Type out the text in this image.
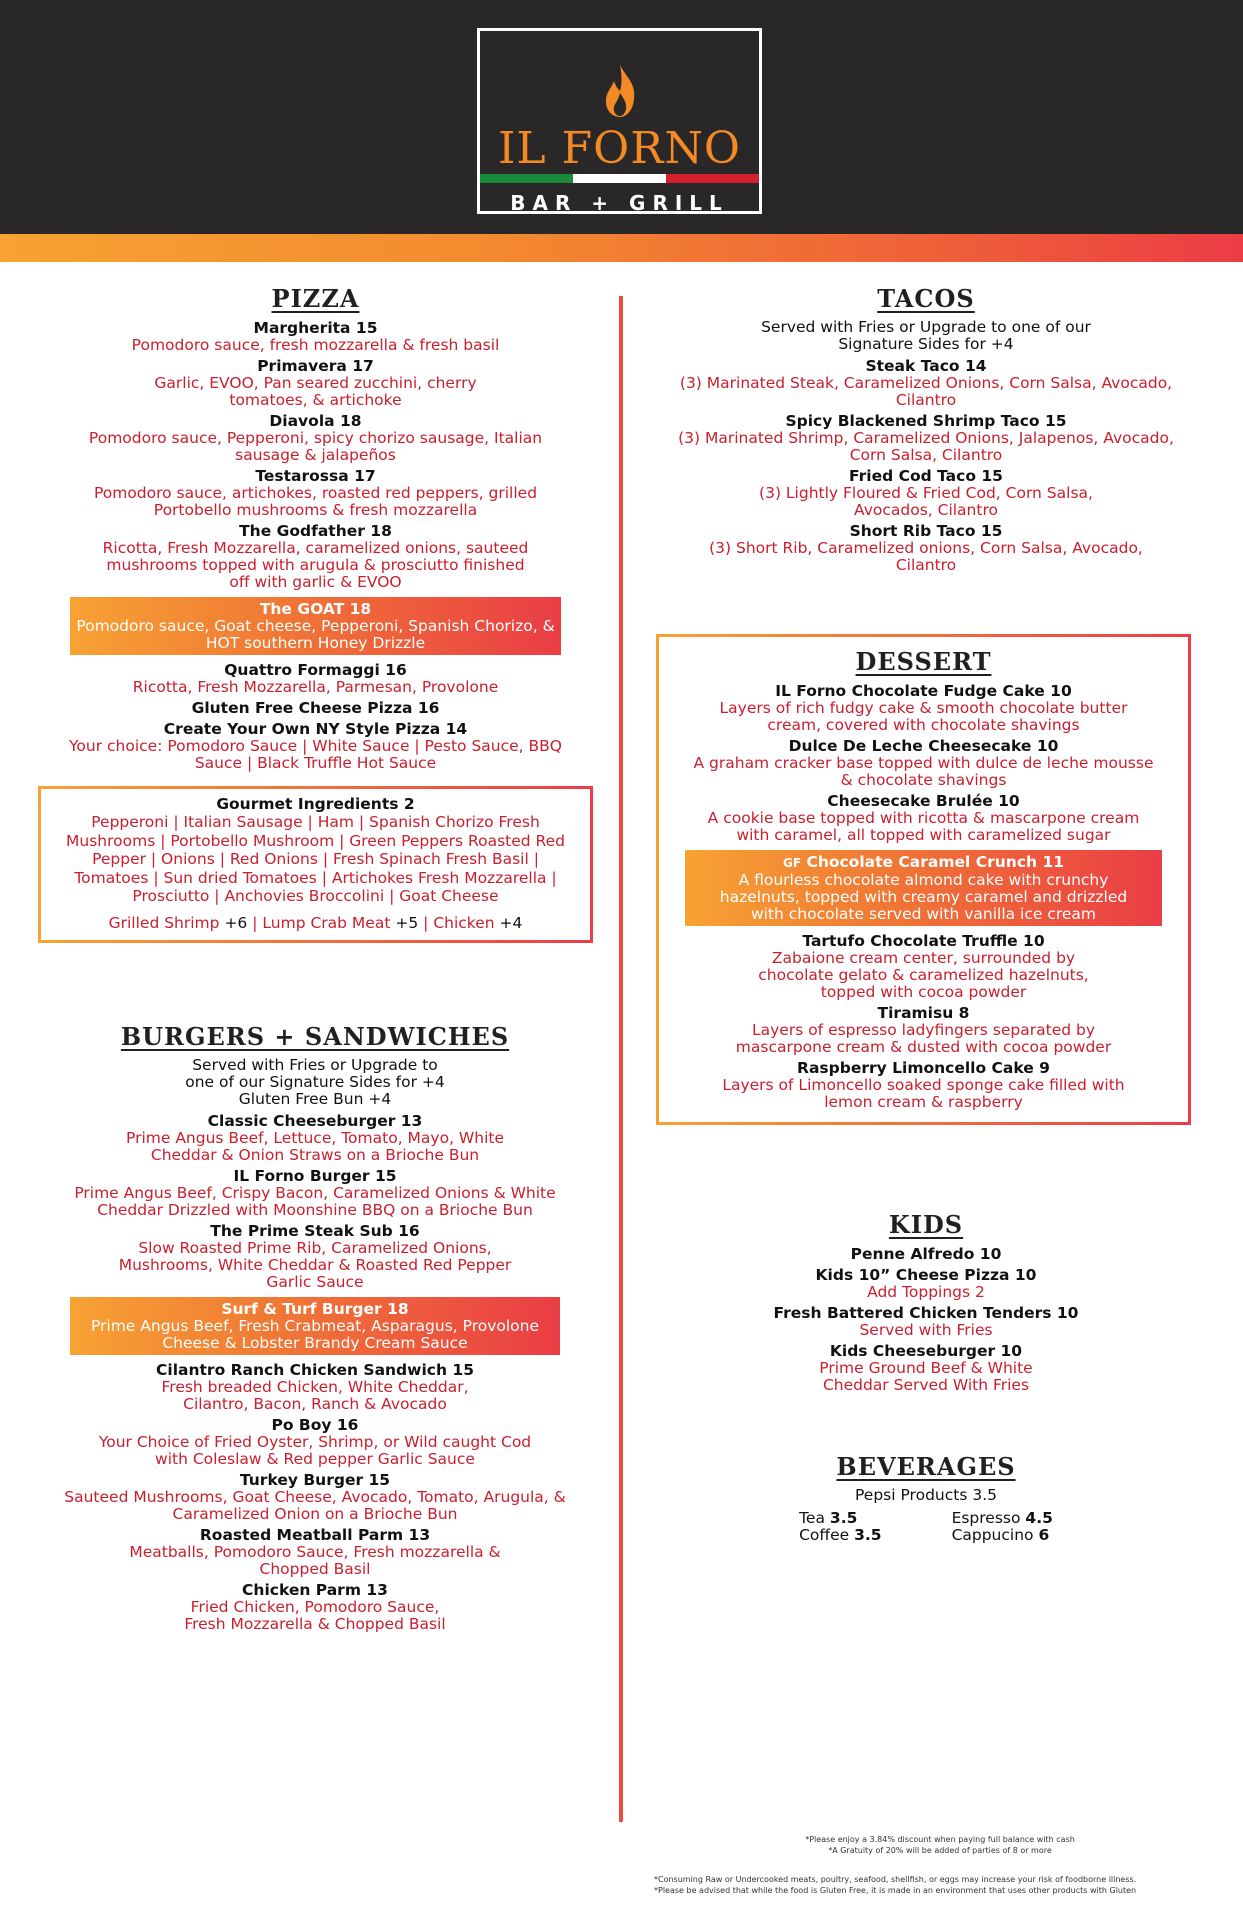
IL FORNO
BAR + GRILL
PIZZA
Margherita 15
Pomodoro sauce, fresh mozzarella & fresh basil
Primavera 17
Garlic, EVOO, Pan seared zucchini, cherry tomatoes, & artichoke
Diavola 18
Pomodoro sauce, Pepperoni, spicy chorizo sausage, Italian sausage & jalapeños
Testarossa 17
Pomodoro sauce, artichokes, roasted red peppers, grilled Portobello mushrooms & fresh mozzarella
The Godfather 18
Ricotta, Fresh Mozzarella, caramelized onions, sauteed mushrooms topped with arugula & prosciutto finished off with garlic & EVOO
The GOAT 18
Pomodoro sauce, Goat cheese, Pepperoni, Spanish Chorizo, & HOT southern Honey Drizzle
Quattro Formaggi 16
Ricotta, Fresh Mozzarella, Parmesan, Provolone
Gluten Free Cheese Pizza 16
Create Your Own NY Style Pizza 14
Your choice: Pomodoro Sauce | White Sauce | Pesto Sauce, BBQ Sauce | Black Truffle Hot Sauce
Gourmet Ingredients 2
Pepperoni | Italian Sausage | Ham | Spanish Chorizo Fresh Mushrooms | Portobello Mushroom | Green Peppers Roasted Red Pepper | Onions | Red Onions | Fresh Spinach Fresh Basil | Tomatoes | Sun dried Tomatoes | Artichokes Fresh Mozzarella | Prosciutto | Anchovies Broccolini | Goat Cheese
Grilled Shrimp +6 | Lump Crab Meat +5 | Chicken +4
BURGERS + SANDWICHES
Served with Fries or Upgrade to one of our Signature Sides for +4
Gluten Free Bun +4
Classic Cheeseburger 13
Prime Angus Beef, Lettuce, Tomato, Mayo, White Cheddar & Onion Straws on a Brioche Bun
IL Forno Burger 15
Prime Angus Beef, Crispy Bacon, Caramelized Onions & White Cheddar Drizzled with Moonshine BBQ on a Brioche Bun
The Prime Steak Sub 16
Slow Roasted Prime Rib, Caramelized Onions, Mushrooms, White Cheddar & Roasted Red Pepper Garlic Sauce
Surf & Turf Burger 18
Prime Angus Beef, Fresh Crabmeat, Asparagus, Provolone Cheese & Lobster Brandy Cream Sauce
Cilantro Ranch Chicken Sandwich 15
Fresh breaded Chicken, White Cheddar, Cilantro, Bacon, Ranch & Avocado
Po Boy 16
Your Choice of Fried Oyster, Shrimp, or Wild caught Cod with Coleslaw & Red pepper Garlic Sauce
Turkey Burger 15
Sauteed Mushrooms, Goat Cheese, Avocado, Tomato, Arugula, & Caramelized Onion on a Brioche Bun
Roasted Meatball Parm 13
Meatballs, Pomodoro Sauce, Fresh mozzarella & Chopped Basil
Chicken Parm 13
Fried Chicken, Pomodoro Sauce, Fresh Mozzarella & Chopped Basil
TACOS
Served with Fries or Upgrade to one of our Signature Sides for +4
Steak Taco 14
(3) Marinated Steak, Caramelized Onions, Corn Salsa, Avocado, Cilantro
Spicy Blackened Shrimp Taco 15
(3) Marinated Shrimp, Caramelized Onions, Jalapenos, Avocado, Corn Salsa, Cilantro
Fried Cod Taco 15
(3) Lightly Floured & Fried Cod, Corn Salsa, Avocados, Cilantro
Short Rib Taco 15
(3) Short Rib, Caramelized onions, Corn Salsa, Avocado, Cilantro
DESSERT
IL Forno Chocolate Fudge Cake 10
Layers of rich fudgy cake & smooth chocolate butter cream, covered with chocolate shavings
Dulce De Leche Cheesecake 10
A graham cracker base topped with dulce de leche mousse & chocolate shavings
Cheesecake Brulée 10
A cookie base topped with ricotta & mascarpone cream with caramel, all topped with caramelized sugar
GF Chocolate Caramel Crunch 11
A flourless chocolate almond cake with crunchy hazelnuts, topped with creamy caramel and drizzled with chocolate served with vanilla ice cream
Tartufo Chocolate Truffle 10
Zabaione cream center, surrounded by chocolate gelato & caramelized hazelnuts, topped with cocoa powder
Tiramisu 8
Layers of espresso ladyfingers separated by mascarpone cream & dusted with cocoa powder
Raspberry Limoncello Cake 9
Layers of Limoncello soaked sponge cake filled with lemon cream & raspberry
KIDS
Penne Alfredo 10
Kids 10” Cheese Pizza 10
Add Toppings 2
Fresh Battered Chicken Tenders 10
Served with Fries
Kids Cheeseburger 10
Prime Ground Beef & White Cheddar Served With Fries
BEVERAGES
Pepsi Products 3.5
Tea 3.5
Coffee 3.5
Espresso 4.5
Cappucino 6
*Please enjoy a 3.84% discount when paying full balance with cash
*A Gratuity of 20% will be added of parties of 8 or more
*Consuming Raw or Undercooked meats, poultry, seafood, shellfish, or eggs may increase your risk of foodborne illness.
*Please be advised that while the food is Gluten Free, it is made in an environment that uses other products with Gluten
